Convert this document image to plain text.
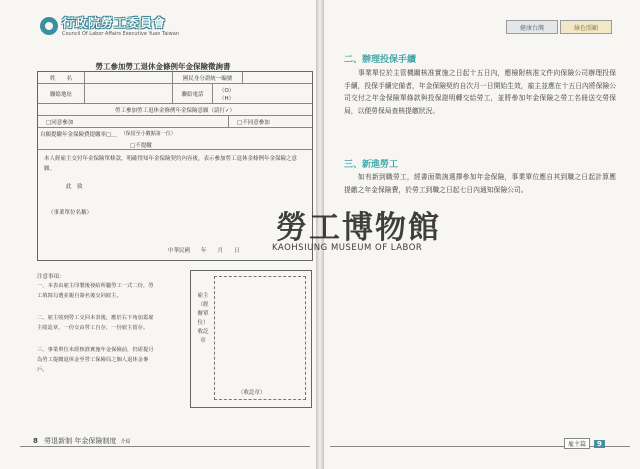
行政院勞工委員會
Council Of Labor Affairs Executive Yuan Taiwan
勞工參加勞工退休金條例年金保險徵詢書
姓　　名	國民身分證統一編號
聯絡地址	聯絡電話
（O）
（H）
勞工參加勞工退休金條例年金保險意願（請打✓）
□同意參加	□不同意參加
自願提繳年金保險費提繳率□＿ （保留至小數點第一位）
□不提繳
本人經雇主交付年金保險單條款，明確得知年金保險契約內容後，表示參加勞工退休金條例年金保險之意願。
此　致
（事業單位名稱）
中華民國　　年　　月　　日
注意事項：
一、本表由雇主印製後發給所屬勞工一式二份，勞工填寫勾選並親自簽名後交回雇主。
二、雇主收到勞工交回本表後，應於右下角加蓋雇主收訖章，一份交由勞工自存，一份雇主留存。
三、事業單位未經核准實施年金保險前，仍需提月為勞工提繳退休金至勞工保險局之個人退休金專戶。
雇主（經辦單位）收訖章
（收訖章）
8 勞退新制 年金保險制度 介紹
健康台灣	綠色照顧
二、辦理投保手續
事業單位於主管機關核准實施之日起十五日內，應檢附核准文件向保險公司辦理投保手續，投保手續完備者，年金保險契約自次月一日開始生效，雇主並應在十五日內將保險公司交付之年金保險單條款與投保證明轉交給勞工，並將參加年金保險之勞工名冊送交勞保局，以便勞保局查核提繳狀況。
三、新進勞工
如有新到職勞工，經書面徵詢選擇參加年金保險，事業單位應自其到職之日起計算應提繳之年金保險費，於勞工到職之日起七日內通知保險公司。
勞工博物館
KAOHSIUNG MUSEUM OF LABOR
雇主篇	9
